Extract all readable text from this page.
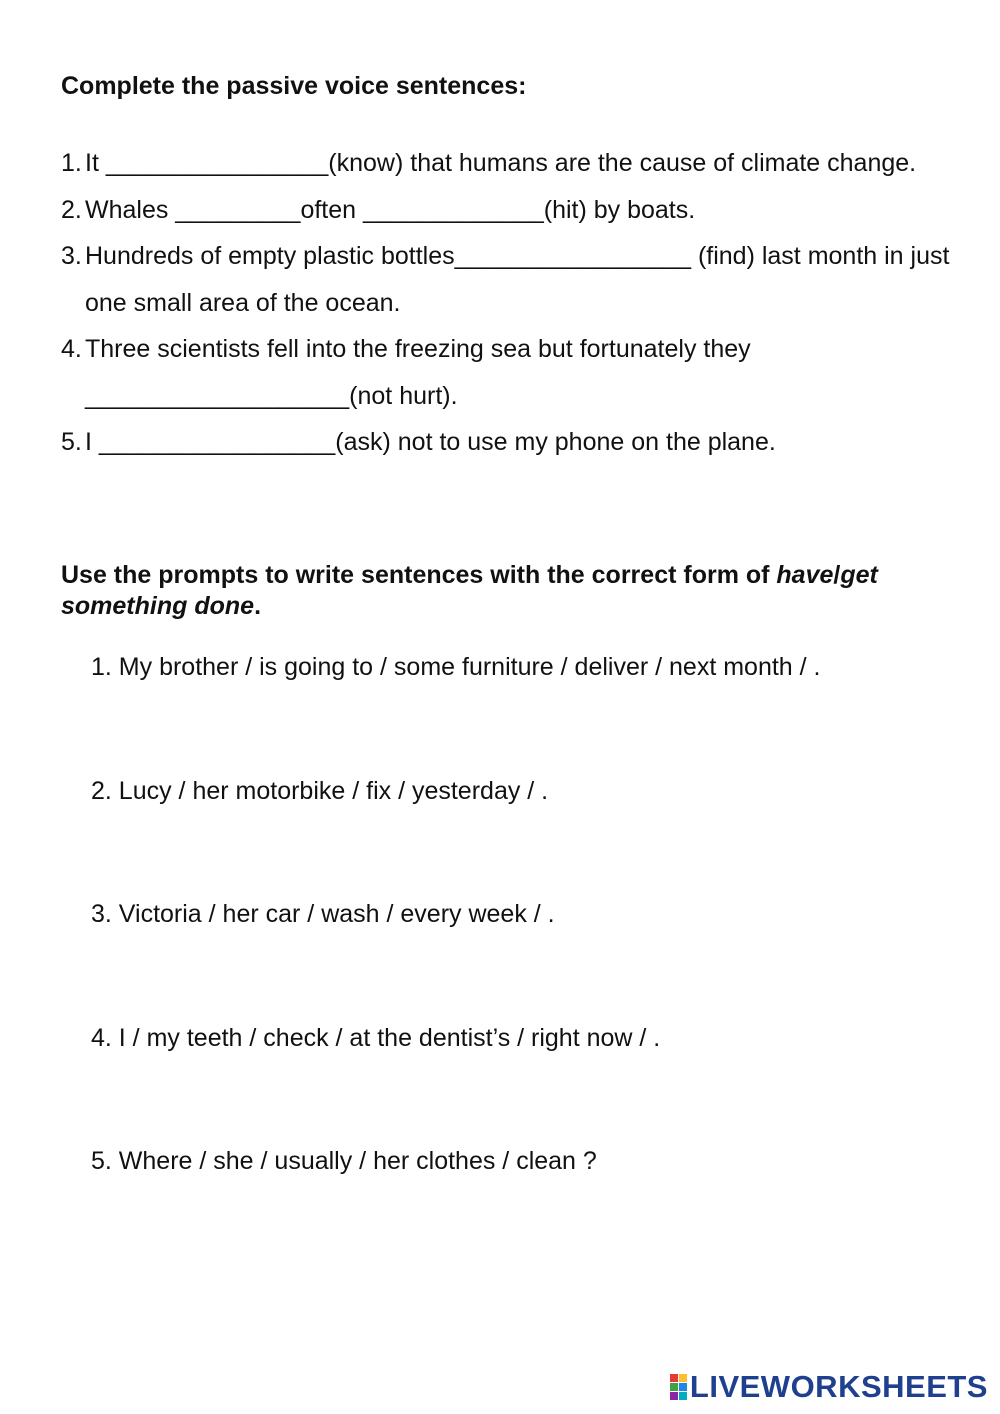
Complete the passive voice sentences:
1. It ________________(know) that humans are the cause of climate change.
2. Whales _________often _____________(hit) by boats.
3. Hundreds of empty plastic bottles_________________ (find) last month in just one small area of the ocean.
4. Three scientists fell into the freezing sea but fortunately they ___________________(not hurt).
5. I _________________(ask) not to use my phone on the plane.
Use the prompts to write sentences with the correct form of have/get something done.
1. My brother / is going to / some furniture / deliver / next month / .
2. Lucy / her motorbike / fix / yesterday / .
3. Victoria / her car / wash / every week / .
4. I / my teeth / check / at the dentist’s / right now / .
5. Where / she / usually / her clothes / clean ?
LIVEWORKSHEETS
